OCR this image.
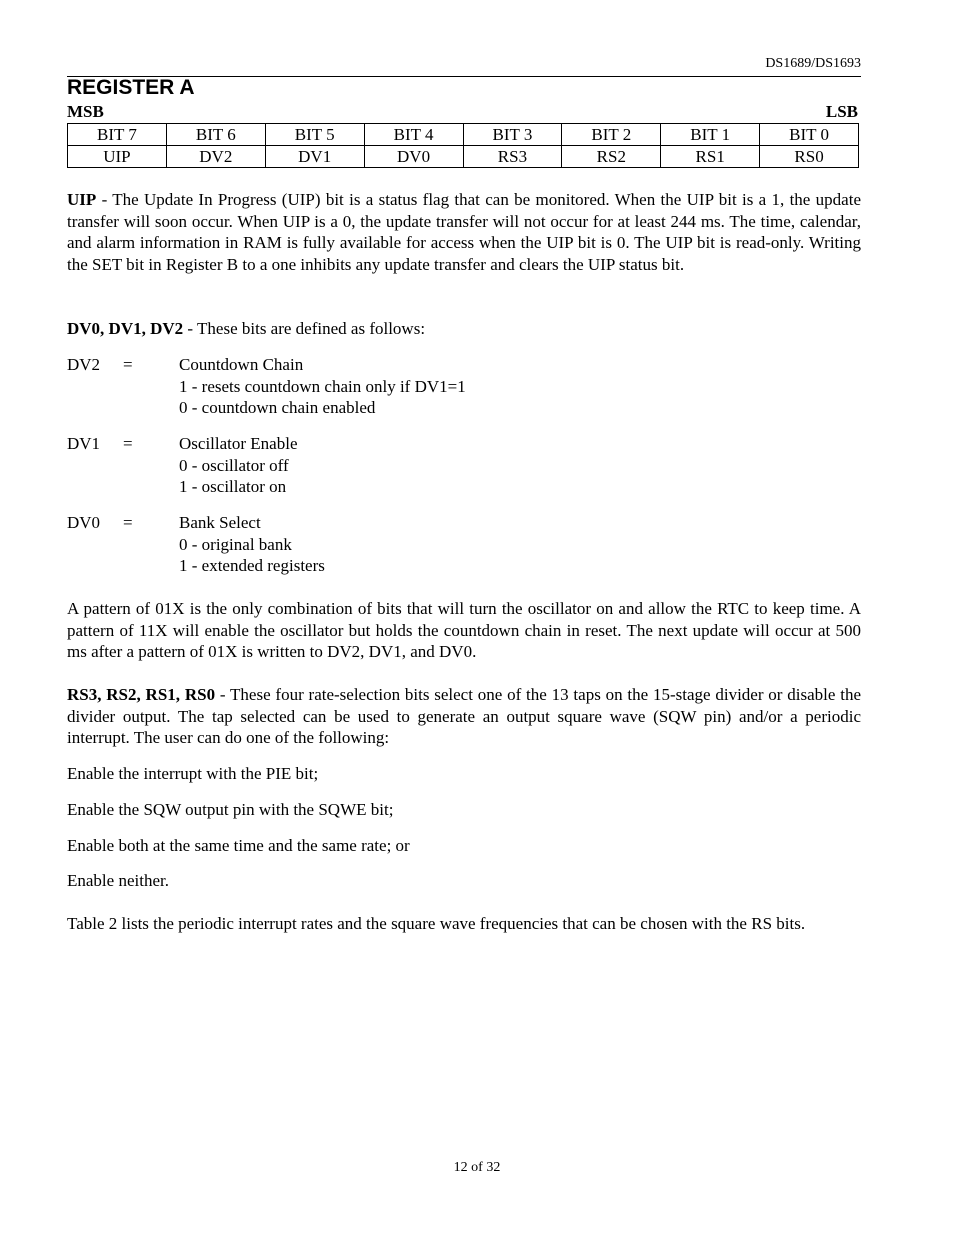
DS1689/DS1693
REGISTER A
MSB	LSB
BIT 7	BIT 6	BIT 5	BIT 4	BIT 3	BIT 2	BIT 1	BIT 0
UIP	DV2	DV1	DV0	RS3	RS2	RS1	RS0

UIP - The Update In Progress (UIP) bit is a status flag that can be monitored. When the UIP bit is a 1, the update transfer will soon occur. When UIP is a 0, the update transfer will not occur for at least 244 ms. The time, calendar, and alarm information in RAM is fully available for access when the UIP bit is 0. The UIP bit is read-only. Writing the SET bit in Register B to a one inhibits any update transfer and clears the UIP status bit.

DV0, DV1, DV2 - These bits are defined as follows:

DV2 =	Countdown Chain
1 - resets countdown chain only if DV1=1
0 - countdown chain enabled
DV1 =	Oscillator Enable
0 - oscillator off
1 - oscillator on
DV0 =	Bank Select
0 - original bank
1 - extended registers

A pattern of 01X is the only combination of bits that will turn the oscillator on and allow the RTC to keep time. A pattern of 11X will enable the oscillator but holds the countdown chain in reset. The next update will occur at 500 ms after a pattern of 01X is written to DV2, DV1, and DV0.

RS3, RS2, RS1, RS0 - These four rate-selection bits select one of the 13 taps on the 15-stage divider or disable the divider output. The tap selected can be used to generate an output square wave (SQW pin) and/or a periodic interrupt. The user can do one of the following:

Enable the interrupt with the PIE bit;
Enable the SQW output pin with the SQWE bit;
Enable both at the same time and the same rate; or
Enable neither.

Table 2 lists the periodic interrupt rates and the square wave frequencies that can be chosen with the RS bits.

12 of 32
